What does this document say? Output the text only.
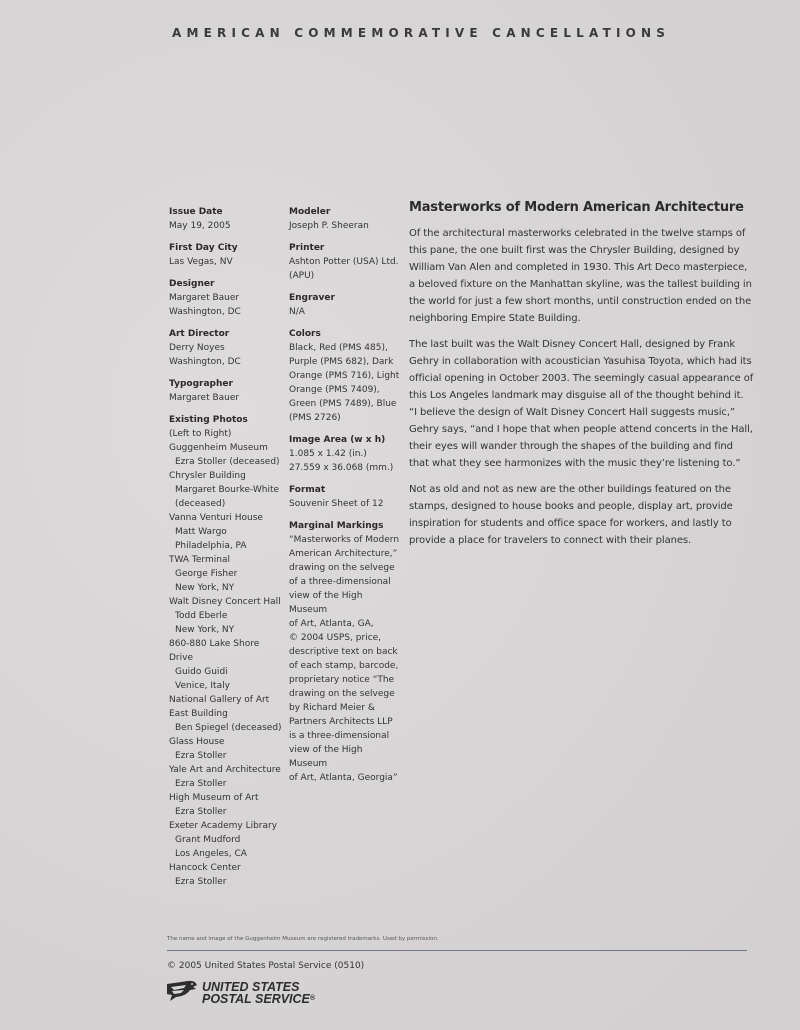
AMERICAN COMMEMORATIVE CANCELLATIONS
Issue Date
May 19, 2005
First Day City
Las Vegas, NV
Designer
Margaret Bauer
Washington, DC
Art Director
Derry Noyes
Washington, DC
Typographer
Margaret Bauer
Existing Photos
(Left to Right)
Guggenheim Museum
Ezra Stoller (deceased)
Chrysler Building
Margaret Bourke-White
(deceased)
Vanna Venturi House
Matt Wargo
Philadelphia, PA
TWA Terminal
George Fisher
New York, NY
Walt Disney Concert Hall
Todd Eberle
New York, NY
860-880 Lake Shore Drive
Guido Guidi
Venice, Italy
National Gallery of Art
East Building
Ben Spiegel (deceased)
Glass House
Ezra Stoller
Yale Art and Architecture
Ezra Stoller
High Museum of Art
Ezra Stoller
Exeter Academy Library
Grant Mudford
Los Angeles, CA
Hancock Center
Ezra Stoller
Modeler
Joseph P. Sheeran
Printer
Ashton Potter (USA) Ltd.
(APU)
Engraver
N/A
Colors
Black, Red (PMS 485),
Purple (PMS 682), Dark
Orange (PMS 716), Light
Orange (PMS 7409),
Green (PMS 7489), Blue
(PMS 2726)
Image Area (w x h)
1.085 x 1.42 (in.)
27.559 x 36.068 (mm.)
Format
Souvenir Sheet of 12
Marginal Markings
“Masterworks of Modern
American Architecture,”
drawing on the selvege
of a three-dimensional
view of the High Museum
of Art, Atlanta, GA,
© 2004 USPS, price,
descriptive text on back
of each stamp, barcode,
proprietary notice “The
drawing on the selvege
by Richard Meier &
Partners Architects LLP
is a three-dimensional
view of the High Museum
of Art, Atlanta, Georgia”
Masterworks of Modern American Architecture

Of the architectural masterworks celebrated in the twelve stamps of this pane, the one built first was the Chrysler Building, designed by William Van Alen and completed in 1930. This Art Deco masterpiece, a beloved fixture on the Manhattan skyline, was the tallest building in the world for just a few short months, until construction ended on the neighboring Empire State Building.

The last built was the Walt Disney Concert Hall, designed by Frank Gehry in collaboration with acoustician Yasuhisa Toyota, which had its official opening in October 2003. The seemingly casual appearance of this Los Angeles landmark may disguise all of the thought behind it. “I believe the design of Walt Disney Concert Hall suggests music,” Gehry says, “and I hope that when people attend concerts in the Hall, their eyes will wander through the shapes of the building and find that what they see harmonizes with the music they’re listening to.”

Not as old and not as new are the other buildings featured on the stamps, designed to house books and people, display art, provide inspiration for students and office space for workers, and lastly to provide a place for travelers to connect with their planes.

The name and image of the Guggenheim Museum are registered trademarks. Used by permission.
© 2005 United States Postal Service (0510)
UNITED STATES
POSTAL SERVICE®
